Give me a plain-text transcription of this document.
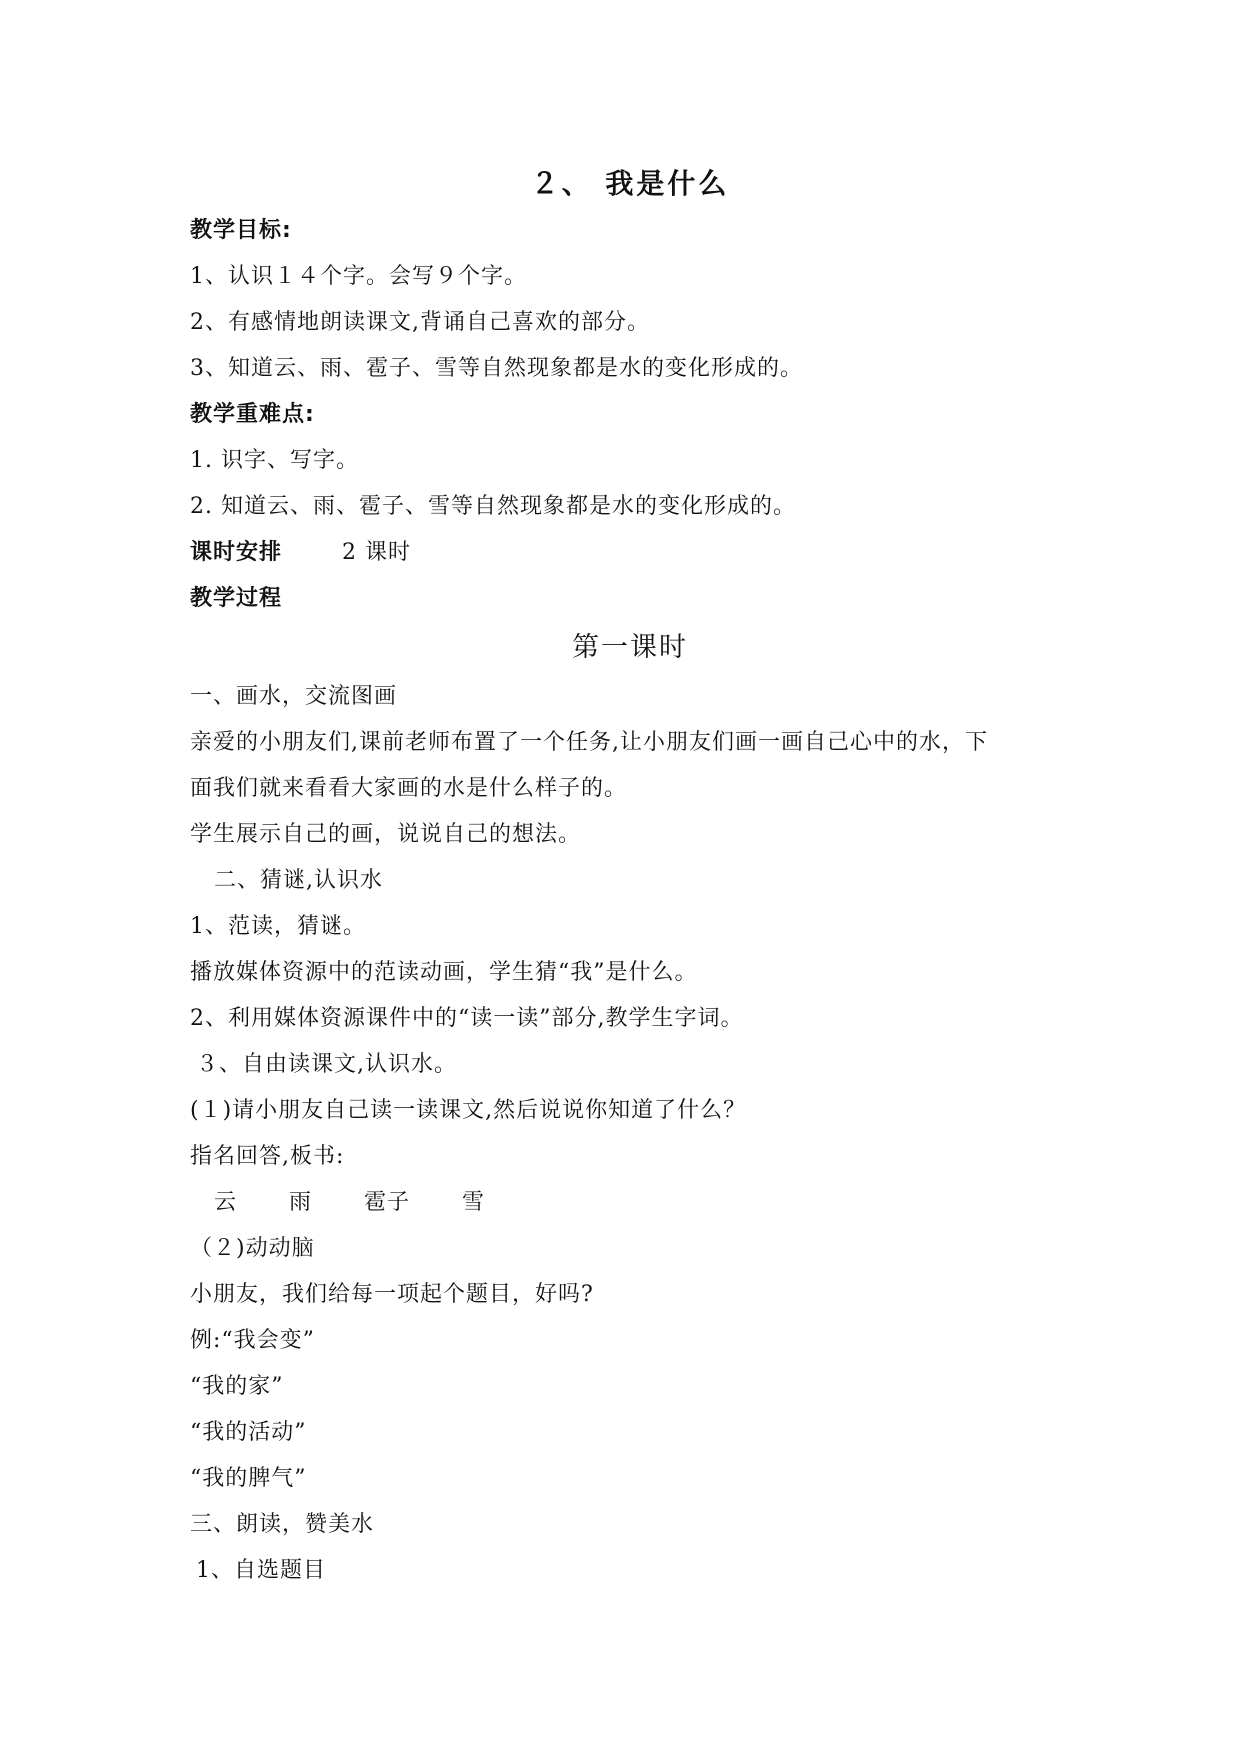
２、 我是什么
教学目标:
1、认识１４个字。会写９个字。
2、有感情地朗读课文,背诵自己喜欢的部分。
3、知道云、雨、雹子、雪等自然现象都是水的变化形成的。
教学重难点:
1. 识字、写字。
2. 知道云、雨、雹子、雪等自然现象都是水的变化形成的。
课时安排	2 课时
教学过程
第一课时
一、画水，交流图画
亲爱的小朋友们,课前老师布置了一个任务,让小朋友们画一画自己心中的水，下
面我们就来看看大家画的水是什么样子的。
学生展示自己的画，说说自己的想法。
二、猜谜,认识水
1、范读，猜谜。
播放媒体资源中的范读动画，学生猜“我”是什么。
2、利用媒体资源课件中的“读一读”部分,教学生字词。
３、自由读课文,认识水。
(１)请小朋友自己读一读课文,然后说说你知道了什么？
指名回答,板书:
云 雨 雹子 雪
（２)动动脑
小朋友，我们给每一项起个题目，好吗?
例:“我会变”
“我的家”
“我的活动”
“我的脾气”
三、朗读，赞美水
1、自选题目
